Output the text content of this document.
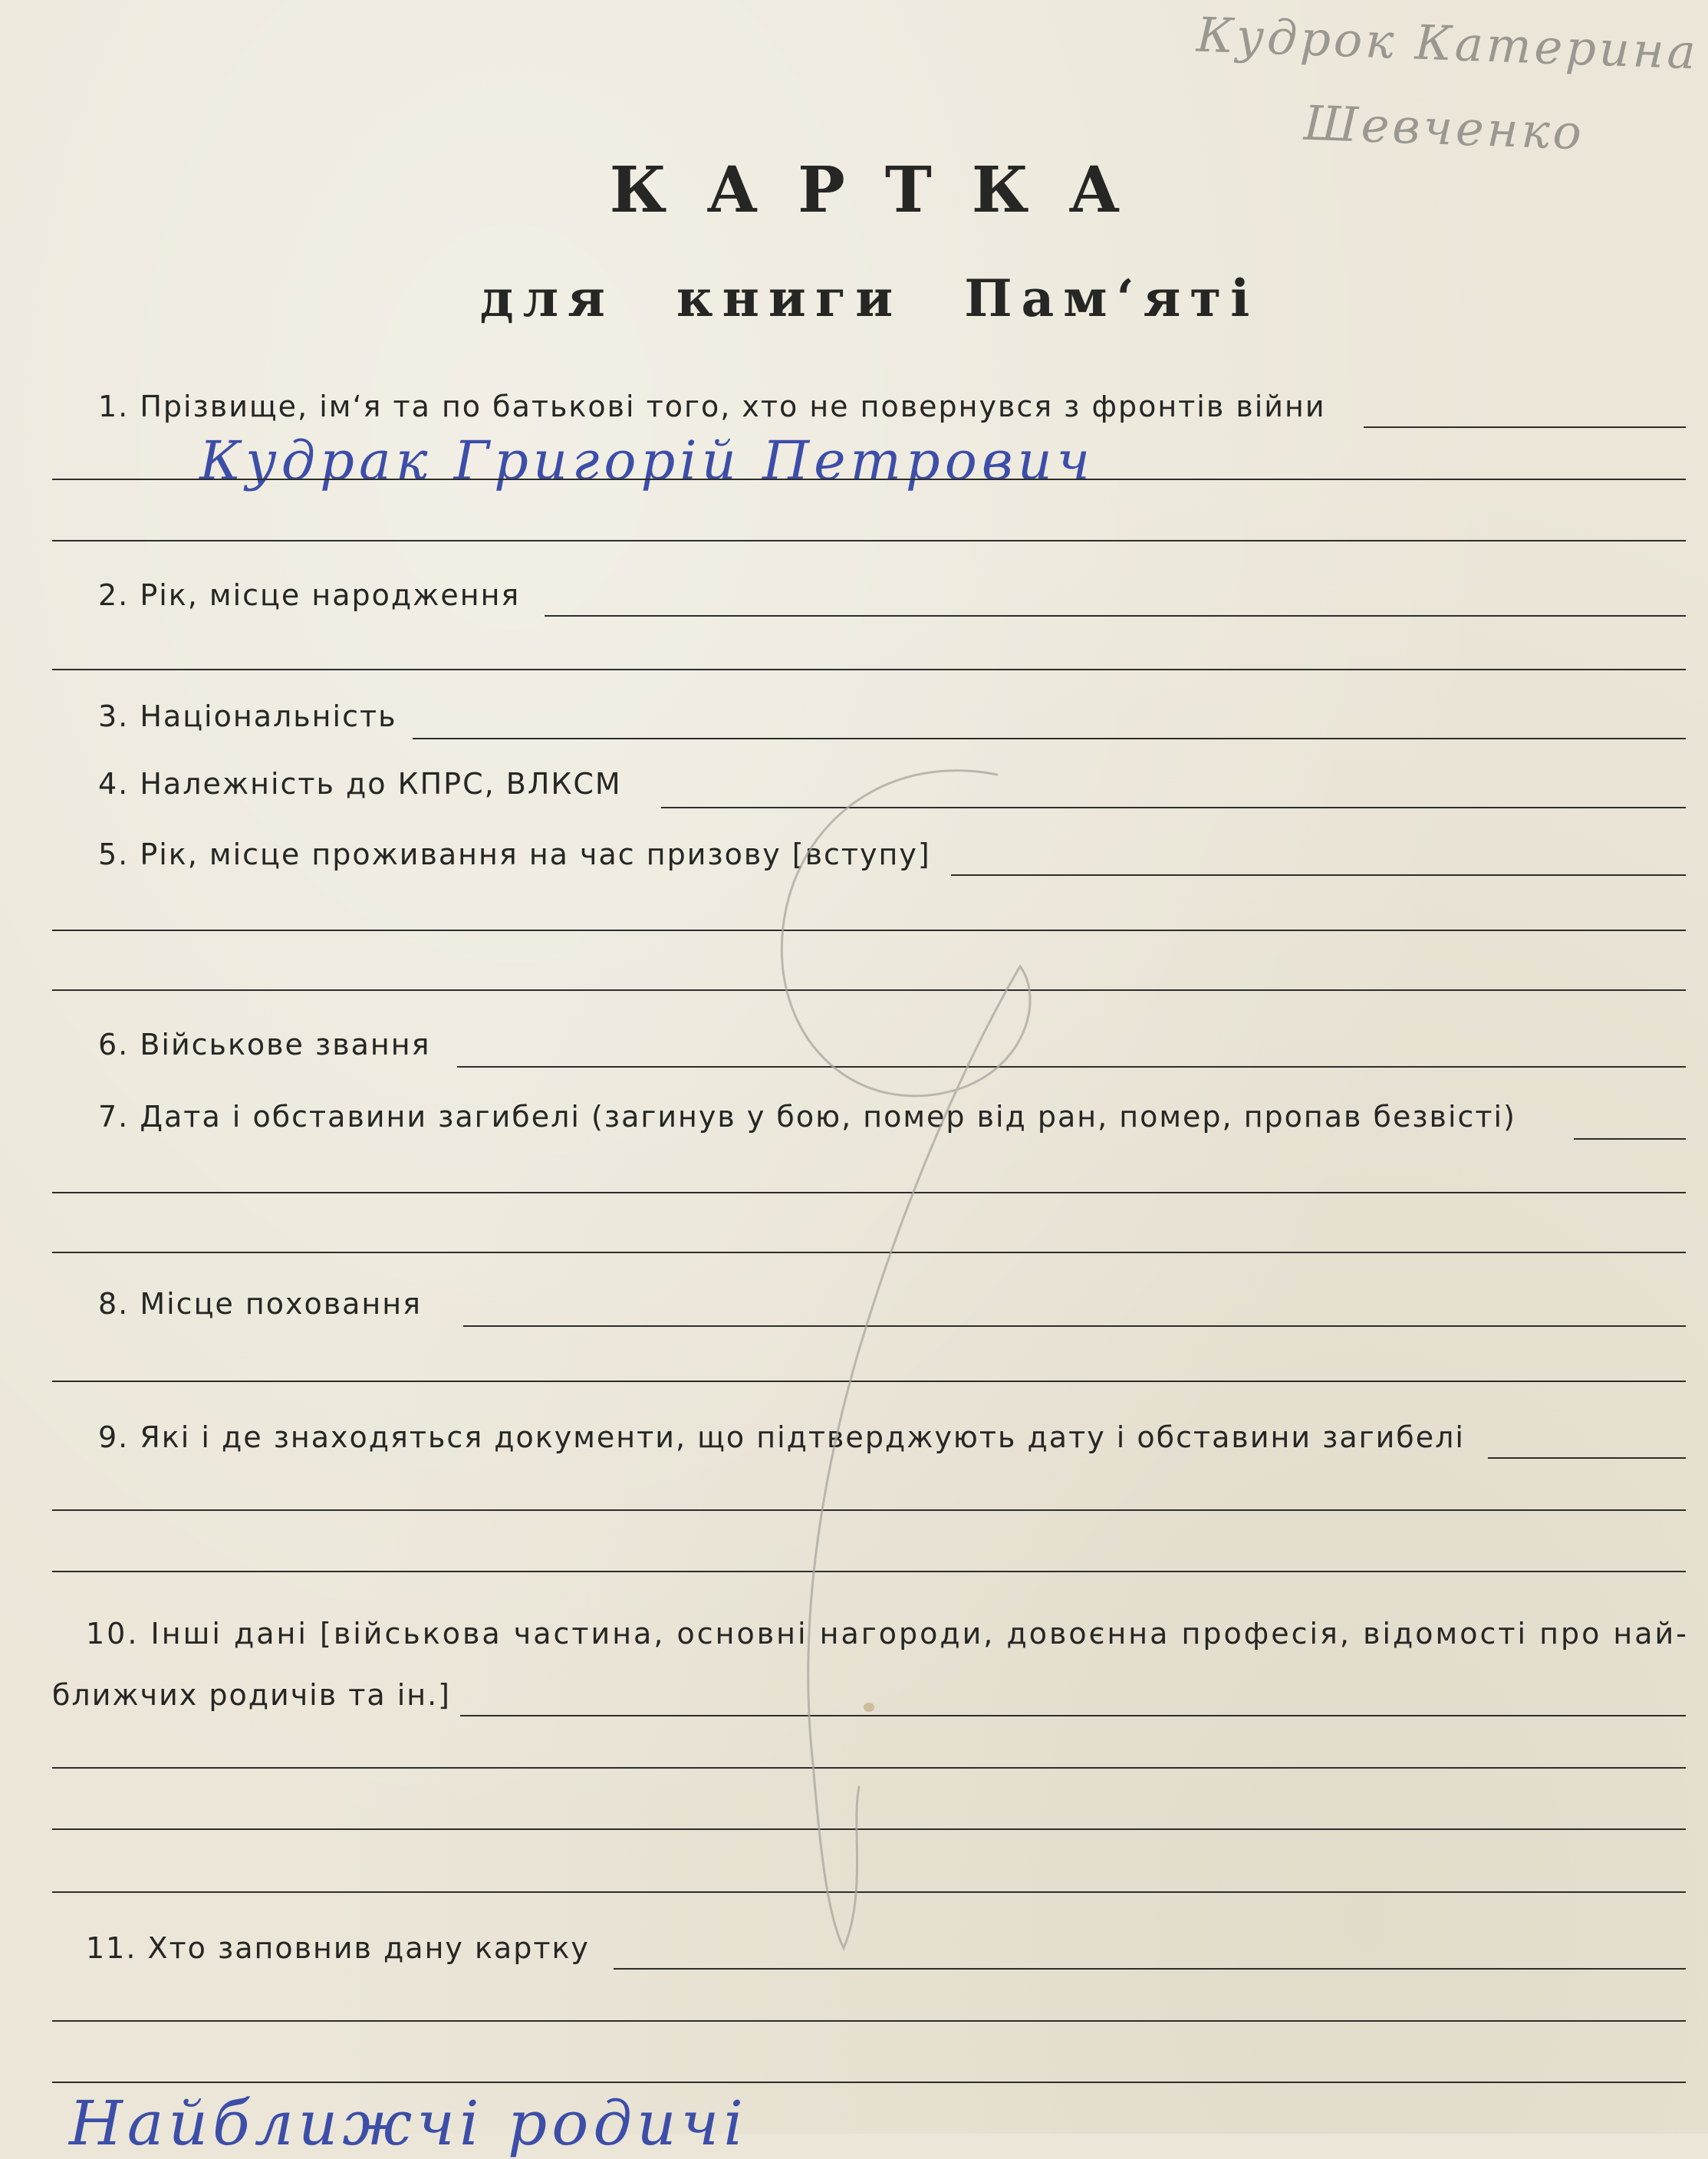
Кудрок Катерина
Шевченко
КАРТКА
для книги Пам‘яті
1. Прізвище, ім‘я та по батькові того, хто не повернувся з фронтів війни
Кудрак Григорій Петрович
2. Рік, місце народження
3. Національність
4. Належність до КПРС, ВЛКСМ
5. Рік, місце проживання на час призову [вступу]
6. Військове звання
7. Дата і обставини загибелі (загинув у бою, помер від ран, помер, пропав безвісті)
8. Місце поховання
9. Які і де знаходяться документи, що підтверджують дату і обставини загибелі
10. Інші дані [військова частина, основні нагороди, довоєнна професія, відомості про най-
ближчих родичів та ін.]
11. Хто заповнив дану картку
Найближчі родичі
